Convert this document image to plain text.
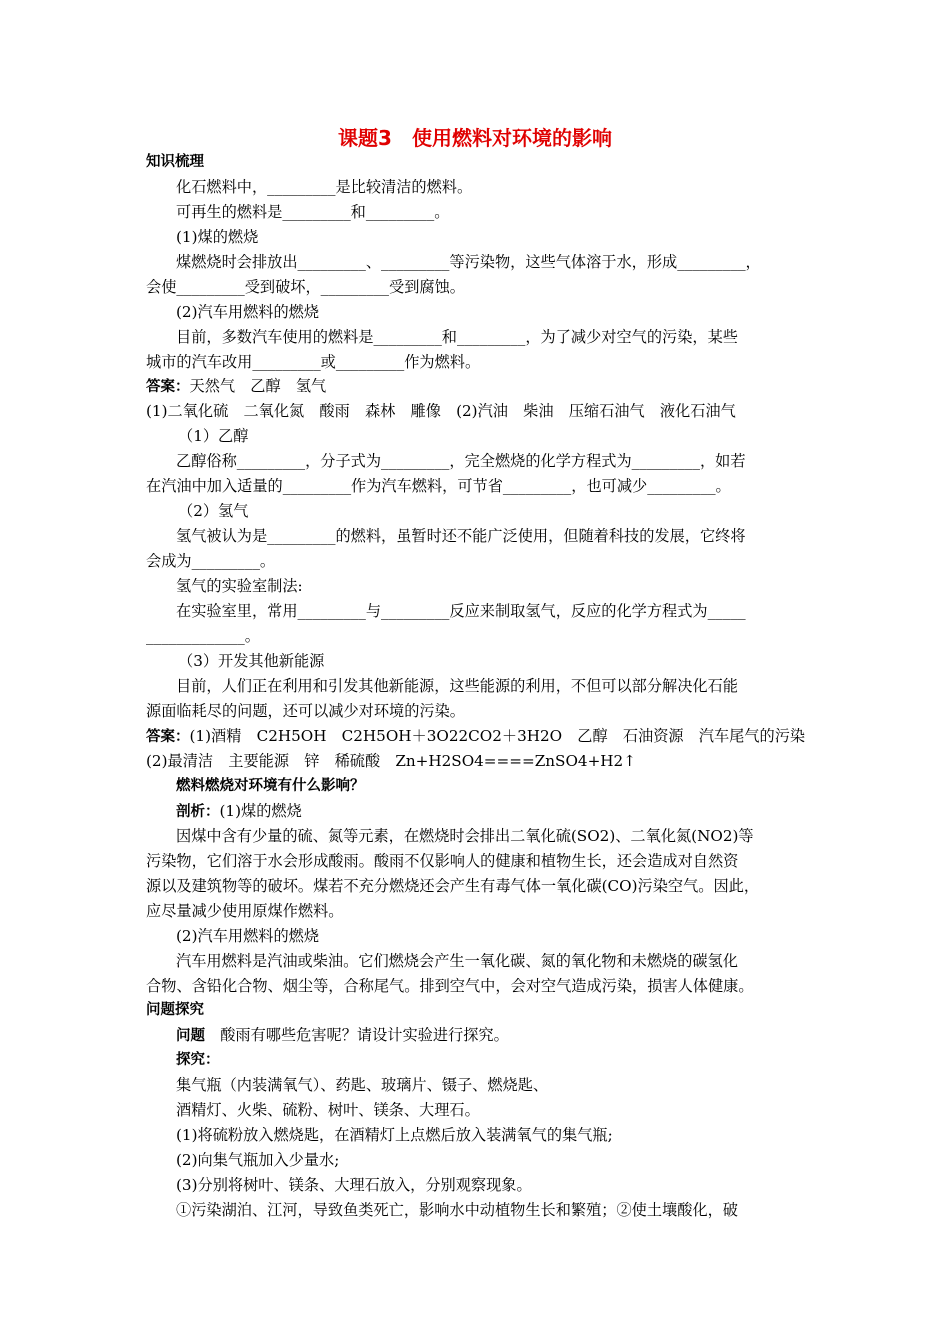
课题3　使用燃料对环境的影响
知识梳理
化石燃料中，_________是比较清洁的燃料。
可再生的燃料是_________和_________。
(1)煤的燃烧
煤燃烧时会排放出_________、_________等污染物，这些气体溶于水，形成_________，
会使_________受到破坏，_________受到腐蚀。
(2)汽车用燃料的燃烧
目前，多数汽车使用的燃料是_________和_________，为了减少对空气的污染，某些
城市的汽车改用_________或_________作为燃料。
答案：天然气　乙醇　氢气
(1)二氧化硫　二氧化氮　酸雨　森林　雕像　(2)汽油　柴油　压缩石油气　液化石油气
（1）乙醇
乙醇俗称_________，分子式为_________，完全燃烧的化学方程式为_________，如若
在汽油中加入适量的_________作为汽车燃料，可节省_________，也可减少_________。
（2）氢气
氢气被认为是_________的燃料，虽暂时还不能广泛使用，但随着科技的发展，它终将
会成为_________。
氢气的实验室制法:
在实验室里，常用_________与_________反应来制取氢气，反应的化学方程式为_____
_____________。
（3）开发其他新能源
目前，人们正在利用和引发其他新能源，这些能源的利用，不但可以部分解决化石能
源面临耗尽的问题，还可以减少对环境的污染。
答案：(1)酒精　C2H5OH　C2H5OH＋3O22CO2＋3H2O　乙醇　石油资源　汽车尾气的污染
(2)最清洁　主要能源　锌　稀硫酸　Zn+H2SO4====ZnSO4+H2↑
燃料燃烧对环境有什么影响？
剖析：(1)煤的燃烧
因煤中含有少量的硫、氮等元素，在燃烧时会排出二氧化硫(SO2)、二氧化氮(NO2)等
污染物，它们溶于水会形成酸雨。酸雨不仅影响人的健康和植物生长，还会造成对自然资
源以及建筑物等的破坏。煤若不充分燃烧还会产生有毒气体一氧化碳(CO)污染空气。因此，
应尽量减少使用原煤作燃料。
(2)汽车用燃料的燃烧
汽车用燃料是汽油或柴油。它们燃烧会产生一氧化碳、氮的氧化物和未燃烧的碳氢化
合物、含铅化合物、烟尘等，合称尾气。排到空气中，会对空气造成污染，损害人体健康。
问题探究
问题　酸雨有哪些危害呢？请设计实验进行探究。
探究：
集气瓶（内装满氧气）、药匙、玻璃片、镊子、燃烧匙、
酒精灯、火柴、硫粉、树叶、镁条、大理石。
(1)将硫粉放入燃烧匙，在酒精灯上点燃后放入装满氧气的集气瓶;
(2)向集气瓶加入少量水;
(3)分别将树叶、镁条、大理石放入，分别观察现象。
①污染湖泊、江河，导致鱼类死亡，影响水中动植物生长和繁殖；②使土壤酸化，破
